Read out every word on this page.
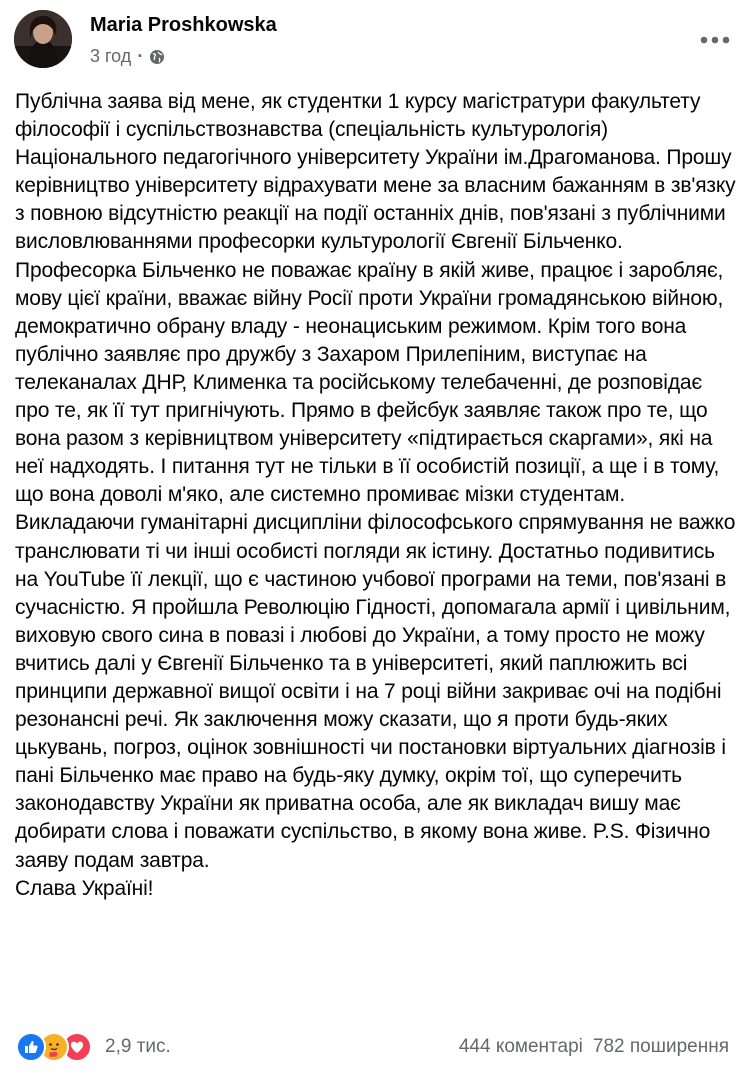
Maria Proshkowska
3 год ·
Публічна заява від мене, як студентки 1 курсу магістратури факультету філософії і суспільствознавства (спеціальність культурологія) Національного педагогічного університету України ім.Драгоманова. Прошу керівництво університету відрахувати мене за власним бажанням в зв'язку з повною відсутністю реакції на події останніх днів, пов'язані з публічними висловлюваннями професорки культурології Євгенії Більченко.
Професорка Більченко не поважає країну в якій живе, працює і заробляє, мову цієї країни, вважає війну Росії проти України громадянською війною, демократично обрану владу - неонациським режимом. Крім того вона публічно заявляє про дружбу з Захаром Прилепіним, виступає на телеканалах ДНР, Клименка та російському телебаченні, де розповідає про те, як її тут пригнічують. Прямо в фейсбук заявляє також про те, що вона разом з керівництвом університету «підтирається скаргами», які на неї надходять. І питання тут не тільки в її особистій позиції, а ще і в тому, що вона доволі м'яко, але системно промиває мізки студентам. Викладаючи гуманітарні дисципліни філософського спрямування не важко транслювати ті чи інші особисті погляди як істину. Достатньо подивитись на YouTube її лекції, що є частиною учбової програми на теми, пов'язані в сучасністю. Я пройшла Революцію Гідності, допомагала армії і цивільним, виховую свого сина в повазі і любові до України, а тому просто не можу вчитись далі у Євгенії Більченко та в університеті, який паплюжить всі принципи державної вищої освіти і на 7 році війни закриває очі на подібні резонансні речі. Як заключення можу сказати, що я проти будь-яких цькувань, погроз, оцінок зовнішності чи постановки віртуальних діагнозів і пані Більченко має право на будь-яку думку, окрім тої, що суперечить законодавству України як приватна особа, але як викладач вишу має добирати слова і поважати суспільство, в якому вона живе. P.S. Фізично заяву подам завтра.
Слава Україні!
2,9 тис.	444 коментарі 782 поширення
